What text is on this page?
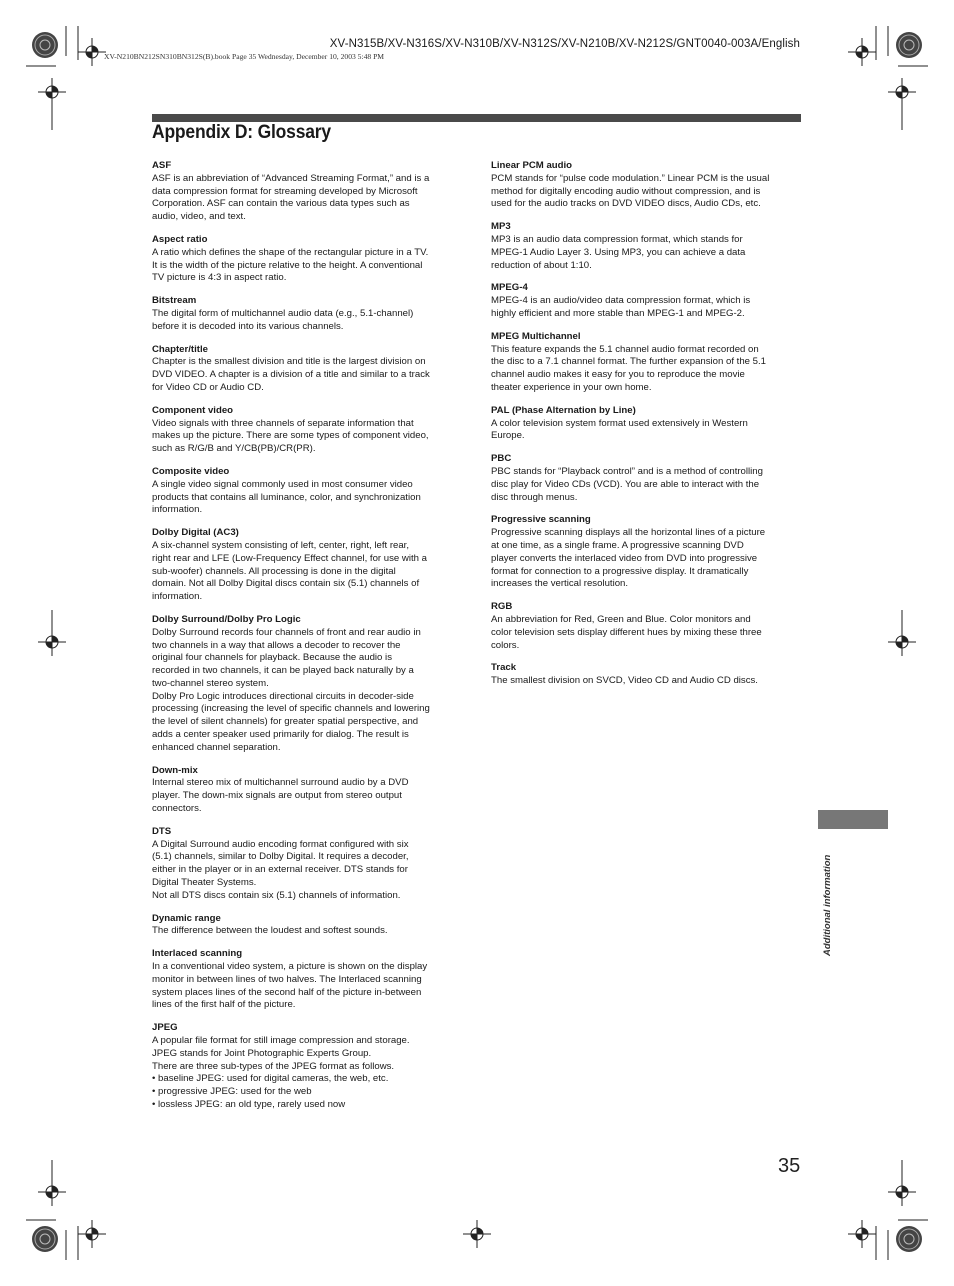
XV-N315B/XV-N316S/XV-N310B/XV-N312S/XV-N210B/XV-N212S/GNT0040-003A/English
XV-N210BN212SN310BN312S(B).book Page 35 Wednesday, December 10, 2003 5:48 PM
Appendix D: Glossary
ASF
ASF is an abbreviation of “Advanced Streaming Format,” and is a
data compression format for streaming developed by Microsoft
Corporation. ASF can contain the various data types such as
audio, video, and text.
Aspect ratio
A ratio which defines the shape of the rectangular picture in a TV.
It is the width of the picture relative to the height. A conventional
TV picture is 4:3 in aspect ratio.
Bitstream
The digital form of multichannel audio data (e.g., 5.1-channel)
before it is decoded into its various channels.
Chapter/title
Chapter is the smallest division and title is the largest division on
DVD VIDEO. A chapter is a division of a title and similar to a track
for Video CD or Audio CD.
Component video
Video signals with three channels of separate information that
makes up the picture. There are some types of component video,
such as R/G/B and Y/CB(PB)/CR(PR).
Composite video
A single video signal commonly used in most consumer video
products that contains all luminance, color, and synchronization
information.
Dolby Digital (AC3)
A six-channel system consisting of left, center, right, left rear,
right rear and LFE (Low-Frequency Effect channel, for use with a
sub-woofer) channels. All processing is done in the digital
domain. Not all Dolby Digital discs contain six (5.1) channels of
information.
Dolby Surround/Dolby Pro Logic
Dolby Surround records four channels of front and rear audio in
two channels in a way that allows a decoder to recover the
original four channels for playback. Because the audio is
recorded in two channels, it can be played back naturally by a
two-channel stereo system.
Dolby Pro Logic introduces directional circuits in decoder-side
processing (increasing the level of specific channels and lowering
the level of silent channels) for greater spatial perspective, and
adds a center speaker used primarily for dialog. The result is
enhanced channel separation.
Down-mix
Internal stereo mix of multichannel surround audio by a DVD
player. The down-mix signals are output from stereo output
connectors.
DTS
A Digital Surround audio encoding format configured with six
(5.1) channels, similar to Dolby Digital. It requires a decoder,
either in the player or in an external receiver. DTS stands for
Digital Theater Systems.
Not all DTS discs contain six (5.1) channels of information.
Dynamic range
The difference between the loudest and softest sounds.
Interlaced scanning
In a conventional video system, a picture is shown on the display
monitor in between lines of two halves. The Interlaced scanning
system places lines of the second half of the picture in-between
lines of the first half of the picture.
JPEG
A popular file format for still image compression and storage.
JPEG stands for Joint Photographic Experts Group.
There are three sub-types of the JPEG format as follows.
• baseline JPEG: used for digital cameras, the web, etc.
• progressive JPEG: used for the web
• lossless JPEG: an old type, rarely used now
Linear PCM audio
PCM stands for “pulse code modulation.” Linear PCM is the usual
method for digitally encoding audio without compression, and is
used for the audio tracks on DVD VIDEO discs, Audio CDs, etc.
MP3
MP3 is an audio data compression format, which stands for
MPEG-1 Audio Layer 3. Using MP3, you can achieve a data
reduction of about 1:10.
MPEG-4
MPEG-4 is an audio/video data compression format, which is
highly efficient and more stable than MPEG-1 and MPEG-2.
MPEG Multichannel
This feature expands the 5.1 channel audio format recorded on
the disc to a 7.1 channel format. The further expansion of the 5.1
channel audio makes it easy for you to reproduce the movie
theater experience in your own home.
PAL (Phase Alternation by Line)
A color television system format used extensively in Western
Europe.
PBC
PBC stands for “Playback control” and is a method of controlling
disc play for Video CDs (VCD). You are able to interact with the
disc through menus.
Progressive scanning
Progressive scanning displays all the horizontal lines of a picture
at one time, as a single frame. A progressive scanning DVD
player converts the interlaced video from DVD into progressive
format for connection to a progressive display. It dramatically
increases the vertical resolution.
RGB
An abbreviation for Red, Green and Blue. Color monitors and
color television sets display different hues by mixing these three
colors.
Track
The smallest division on SVCD, Video CD and Audio CD discs.
Additional information
35
